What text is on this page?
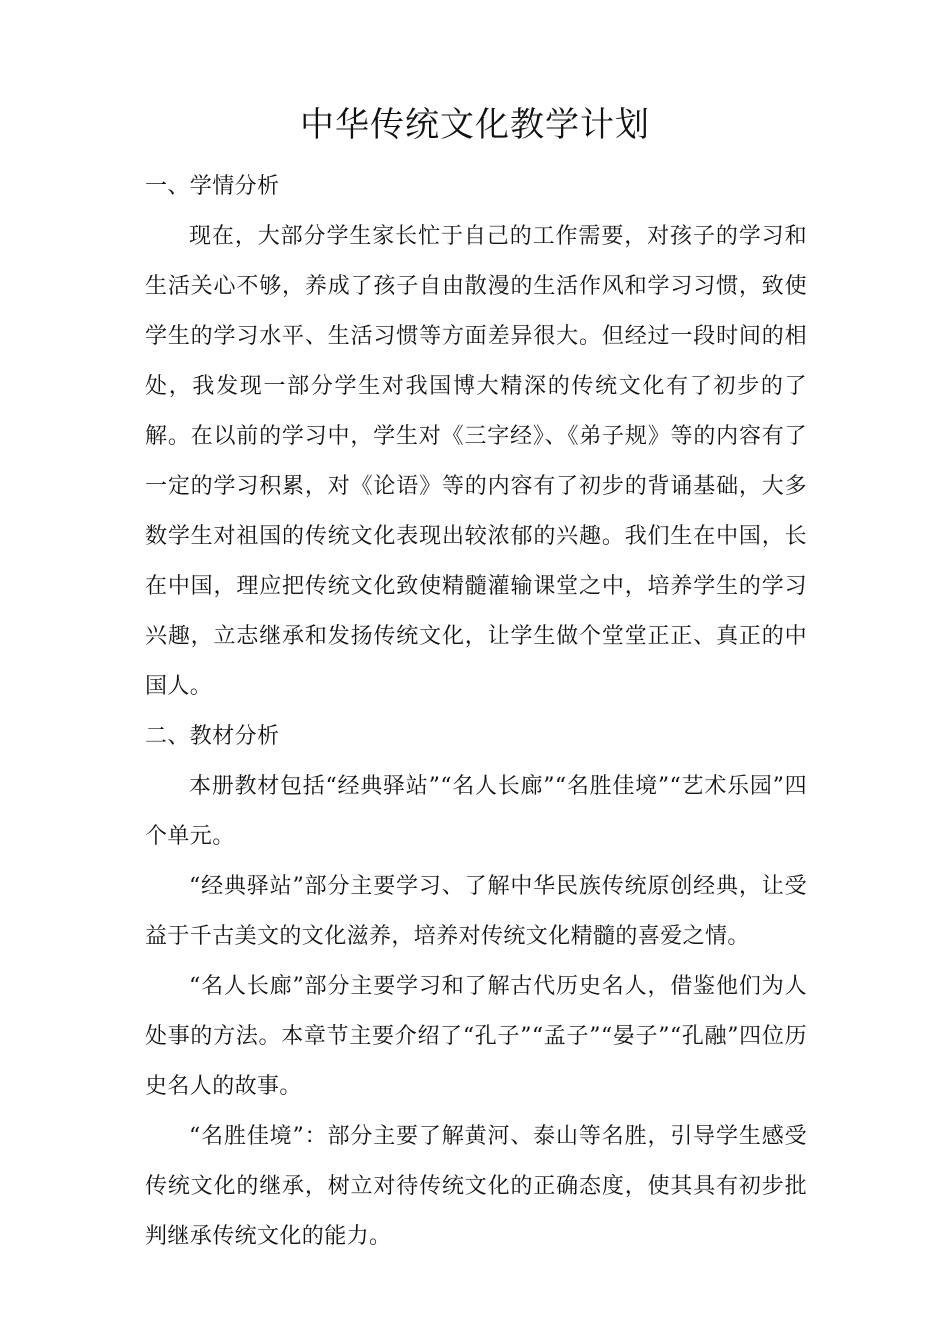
中华传统文化教学计划

一、学情分析

现在，大部分学生家长忙于自己的工作需要，对孩子的学习和生活关心不够，养成了孩子自由散漫的生活作风和学习习惯，致使学生的学习水平、生活习惯等方面差异很大。但经过一段时间的相处，我发现一部分学生对我国博大精深的传统文化有了初步的了解。在以前的学习中，学生对《三字经》、《弟子规》等的内容有了一定的学习积累，对《论语》等的内容有了初步的背诵基础，大多数学生对祖国的传统文化表现出较浓郁的兴趣。我们生在中国，长在中国，理应把传统文化致使精髓灌输课堂之中，培养学生的学习兴趣，立志继承和发扬传统文化，让学生做个堂堂正正、真正的中国人。

二、教材分析

本册教材包括“经典驿站”“名人长廊”“名胜佳境”“艺术乐园”四个单元。

“经典驿站”部分主要学习、了解中华民族传统原创经典，让受益于千古美文的文化滋养，培养对传统文化精髓的喜爱之情。

“名人长廊”部分主要学习和了解古代历史名人，借鉴他们为人处事的方法。本章节主要介绍了“孔子”“孟子”“晏子”“孔融”四位历史名人的故事。

“名胜佳境”：部分主要了解黄河、泰山等名胜，引导学生感受传统文化的继承，树立对待传统文化的正确态度，使其具有初步批判继承传统文化的能力。
